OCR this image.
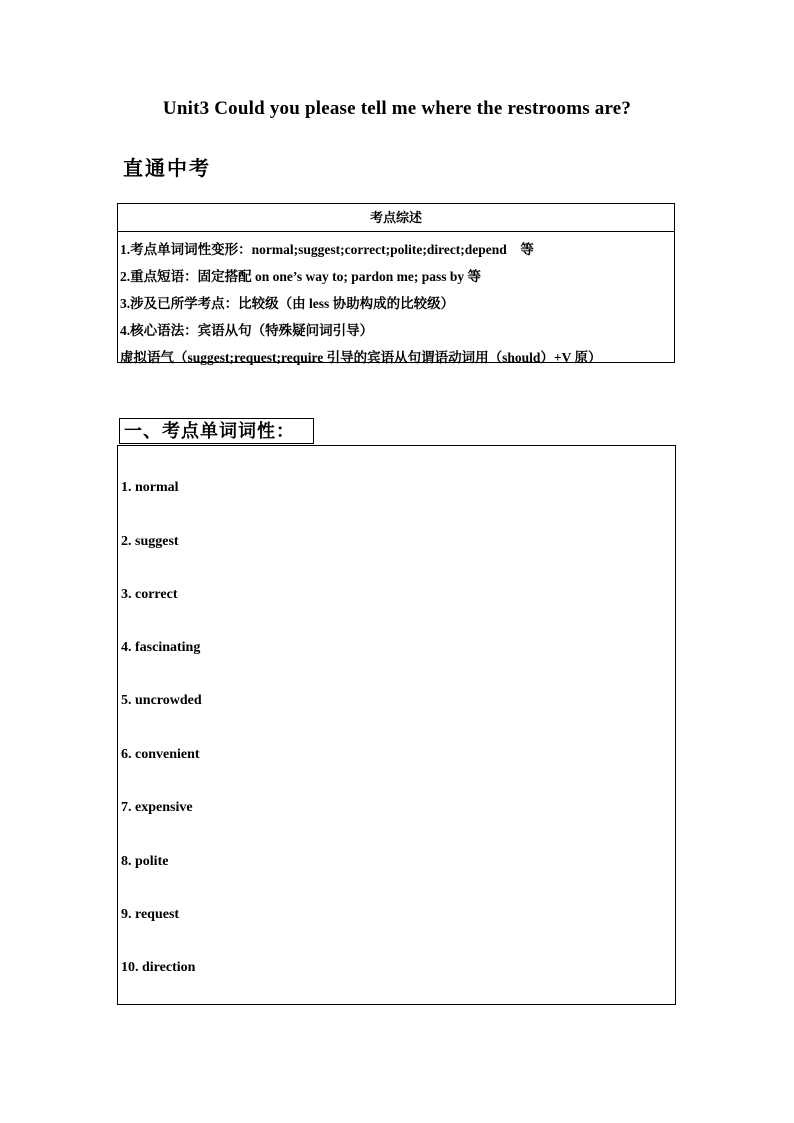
Unit3 Could you please tell me where the restrooms are?
直通中考
考点综述
1.考点单词词性变形：normal;suggest;correct;polite;direct;depend　等
2.重点短语：固定搭配 on one’s way to; pardon me; pass by 等
3.涉及已所学考点：比较级（由 less 协助构成的比较级）
4.核心语法：宾语从句（特殊疑问词引导）
虚拟语气（suggest;request;require 引导的宾语从句谓语动词用（should）+V 原）
一、考点单词词性：
1. normal
2. suggest
3. correct
4. fascinating
5. uncrowded
6. convenient
7. expensive
8. polite
9. request
10. direction
